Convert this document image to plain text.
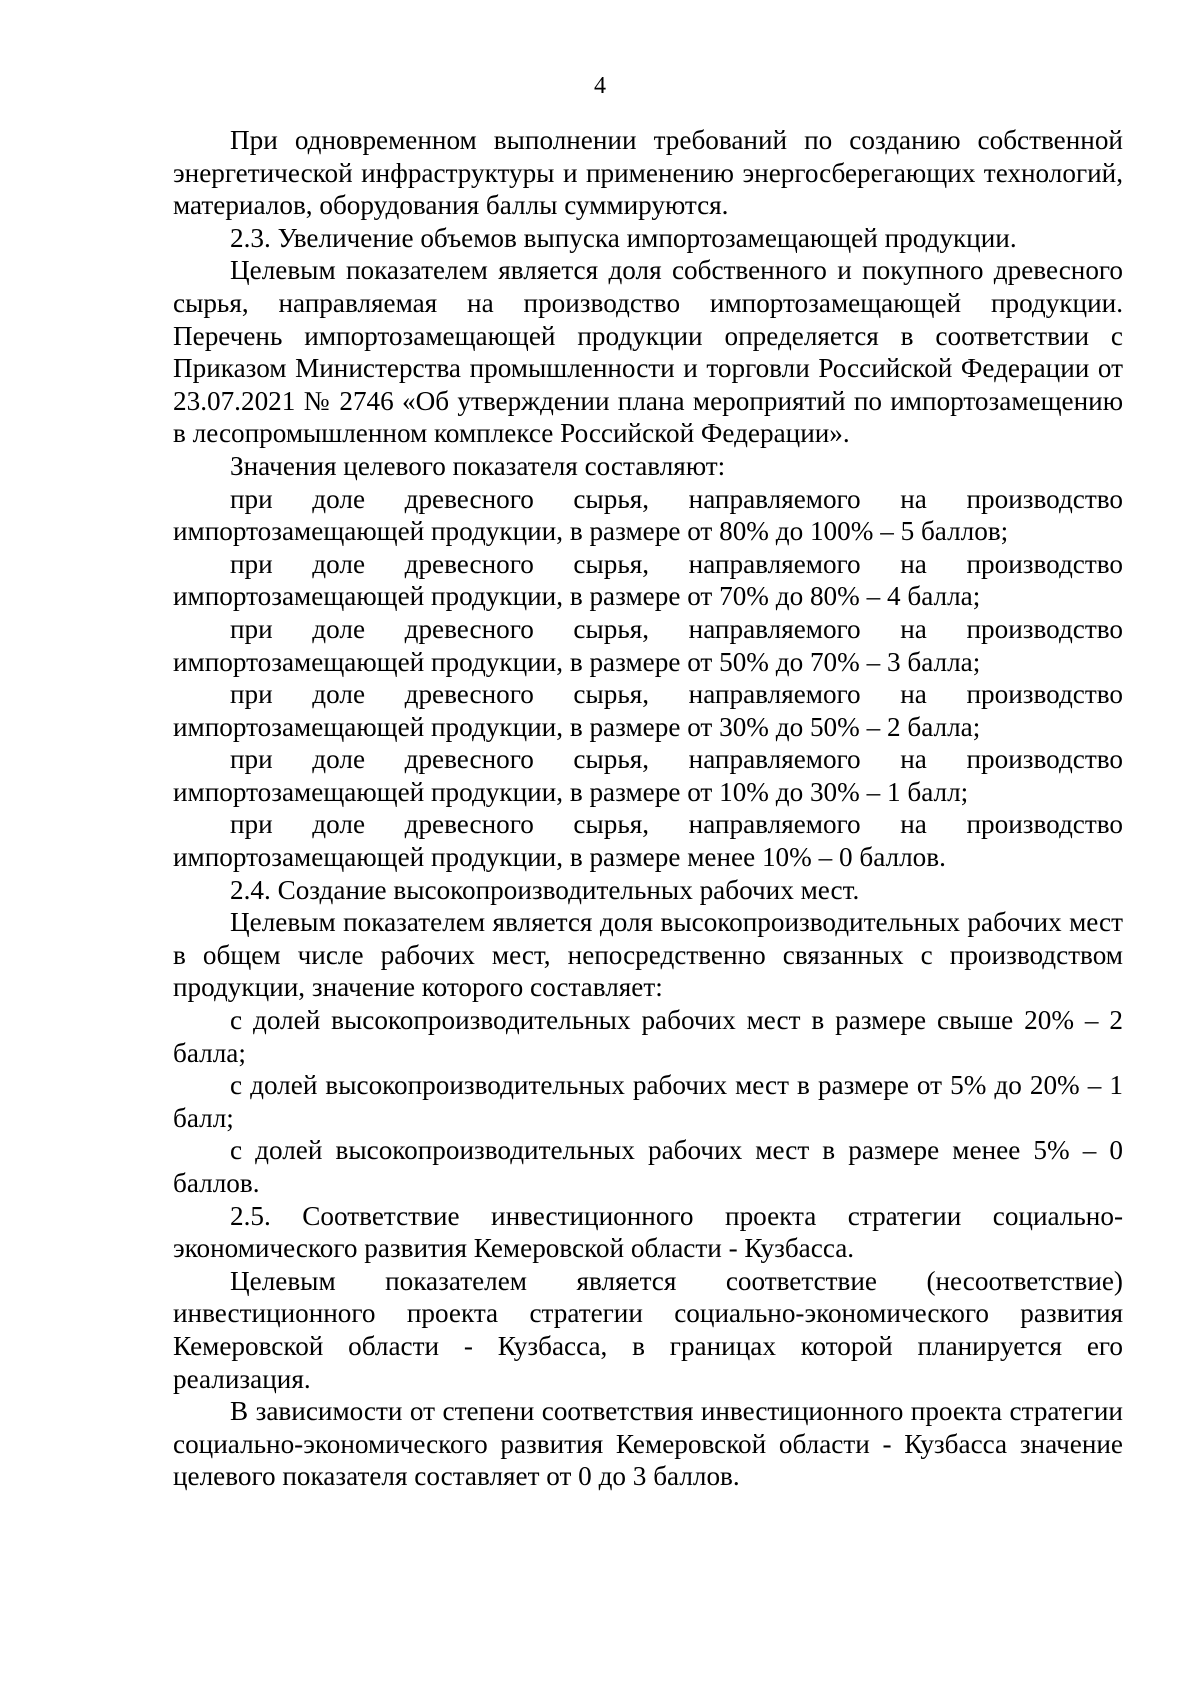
4

При одновременном выполнении требований по созданию собственной энергетической инфраструктуры и применению энергосберегающих технологий, материалов, оборудования баллы суммируются.

2.3. Увеличение объемов выпуска импортозамещающей продукции.

Целевым показателем является доля собственного и покупного древесного сырья, направляемая на производство импортозамещающей продукции. Перечень импортозамещающей продукции определяется в соответствии с Приказом Министерства промышленности и торговли Российской Федерации от 23.07.2021 № 2746 «Об утверждении плана мероприятий по импортозамещению в лесопромышленном комплексе Российской Федерации».

Значения целевого показателя составляют:

при доле древесного сырья, направляемого на производство импортозамещающей продукции, в размере от 80% до 100% – 5 баллов;

при доле древесного сырья, направляемого на производство импортозамещающей продукции, в размере от 70% до 80% – 4 балла;

при доле древесного сырья, направляемого на производство импортозамещающей продукции, в размере от 50% до 70% – 3 балла;

при доле древесного сырья, направляемого на производство импортозамещающей продукции, в размере от 30% до 50% – 2 балла;

при доле древесного сырья, направляемого на производство импортозамещающей продукции, в размере от 10% до 30% – 1 балл;

при доле древесного сырья, направляемого на производство импортозамещающей продукции, в размере менее 10% – 0 баллов.

2.4. Создание высокопроизводительных рабочих мест.

Целевым показателем является доля высокопроизводительных рабочих мест в общем числе рабочих мест, непосредственно связанных с производством продукции, значение которого составляет:

с долей высокопроизводительных рабочих мест в размере свыше 20% – 2 балла;

с долей высокопроизводительных рабочих мест в размере от 5% до 20% – 1 балл;

с долей высокопроизводительных рабочих мест в размере менее 5% – 0 баллов.

2.5. Соответствие инвестиционного проекта стратегии социально-экономического развития Кемеровской области - Кузбасса.

Целевым показателем является соответствие (несоответствие) инвестиционного проекта стратегии социально-экономического развития Кемеровской области - Кузбасса, в границах которой планируется его реализация.

В зависимости от степени соответствия инвестиционного проекта стратегии социально-экономического развития Кемеровской области - Кузбасса значение целевого показателя составляет от 0 до 3 баллов.
